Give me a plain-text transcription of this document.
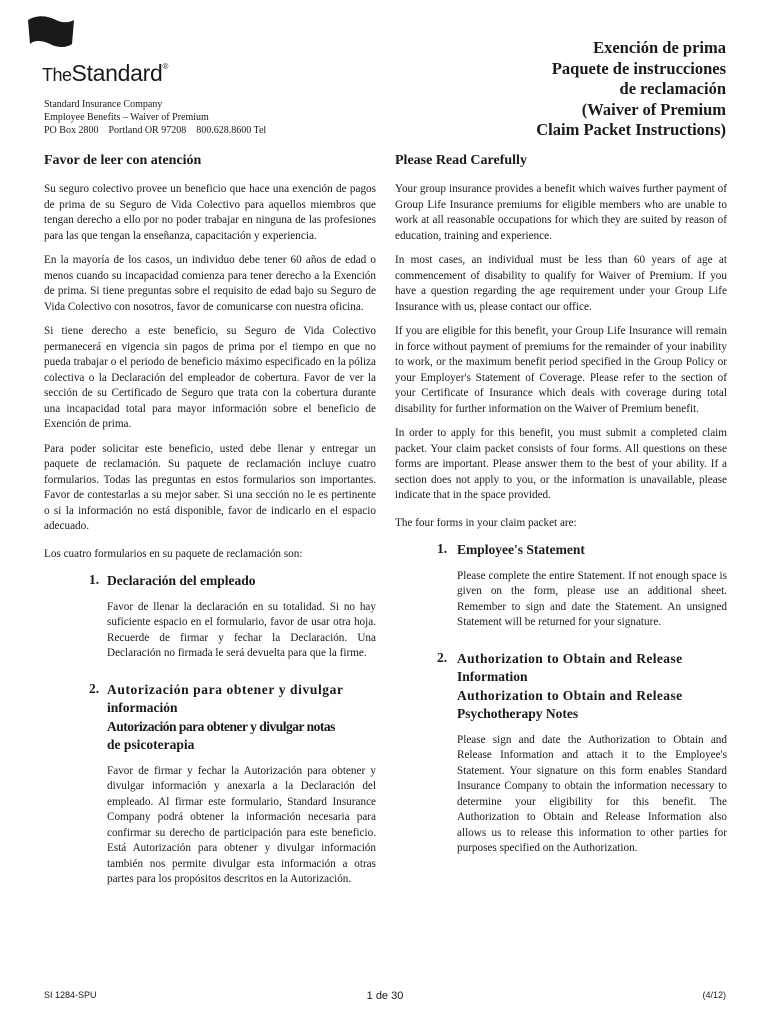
TheStandard®
Standard Insurance Company
Employee Benefits – Waiver of Premium
PO Box 2800    Portland OR 97208    800.628.8600 Tel
Exención de prima
Paquete de instrucciones
de reclamación
(Waiver of Premium
Claim Packet Instructions)
Favor de leer con atención

Su seguro colectivo provee un beneficio que hace una exención de pagos de prima de su Seguro de Vida Colectivo para aquellos miembros que tengan derecho a ello por no poder trabajar en ninguna de las profesiones para las que tengan la enseñanza, capacitación y experiencia.

En la mayoría de los casos, un individuo debe tener 60 años de edad o menos cuando su incapacidad comienza para tener derecho a la Exención de prima. Si tiene preguntas sobre el requisito de edad bajo su Seguro de Vida Colectivo con nosotros, favor de comunicarse con nuestra oficina.

Si tiene derecho a este beneficio, su Seguro de Vida Colectivo permanecerá en vigencia sin pagos de prima por el tiempo en que no pueda trabajar o el periodo de beneficio máximo especificado en la póliza colectiva o la Declaración del empleador de cobertura. Favor de ver la sección de su Certificado de Seguro que trata con la cobertura durante una incapacidad total para mayor información sobre el beneficio de Exención de prima.

Para poder solicitar este beneficio, usted debe llenar y entregar un paquete de reclamación. Su paquete de reclamación incluye cuatro formularios. Todas las preguntas en estos formularios son importantes. Favor de contestarlas a su mejor saber. Si una sección no le es pertinente o si la información no está disponible, favor de indicarlo en el espacio adecuado.

Los cuatro formularios en su paquete de reclamación son:

1. Declaración del empleado
Favor de llenar la declaración en su totalidad. Si no hay suficiente espacio en el formulario, favor de usar otra hoja. Recuerde de firmar y fechar la Declaración. Una Declaración no firmada le será devuelta para que la firme.
2. Autorización para obtener y divulgar
información
Autorización para obtener y divulgar notas
de psicoterapia
Favor de firmar y fechar la Autorización para obtener y divulgar información y anexarla a la Declaración del empleado. Al firmar este formulario, Standard Insurance Company podrá obtener la información necesaria para confirmar su derecho de participación para este beneficio. Está Autorización para obtener y divulgar información también nos permite divulgar esta información a otras partes para los propósitos descritos en la Autorización.
Please Read Carefully

Your group insurance provides a benefit which waives further payment of Group Life Insurance premiums for eligible members who are unable to work at all reasonable occupations for which they are suited by reason of education, training and experience.

In most cases, an individual must be less than 60 years of age at commencement of disability to qualify for Waiver of Premium. If you have a question regarding the age requirement under your Group Life Insurance with us, please contact our office.

If you are eligible for this benefit, your Group Life Insurance will remain in force without payment of premiums for the remainder of your inability to work, or the maximum benefit period specified in the Group Policy or your Employer's Statement of Coverage. Please refer to the section of your Certificate of Insurance which deals with coverage during total disability for further information on the Waiver of Premium benefit.

In order to apply for this benefit, you must submit a completed claim packet. Your claim packet consists of four forms. All questions on these forms are important. Please answer them to the best of your ability. If a section does not apply to you, or the information is unavailable, please indicate that in the space provided.

The four forms in your claim packet are:

1. Employee's Statement
Please complete the entire Statement. If not enough space is given on the form, please use an additional sheet. Remember to sign and date the Statement. An unsigned Statement will be returned for your signature.
2. Authorization to Obtain and Release
Information
Authorization to Obtain and Release
Psychotherapy Notes
Please sign and date the Authorization to Obtain and Release Information and attach it to the Employee's Statement. Your signature on this form enables Standard Insurance Company to obtain the information necessary to determine your eligibility for this benefit. The Authorization to Obtain and Release Information also allows us to release this information to other parties for purposes specified on the Authorization.
SI 1284-SPU	1 de 30	(4/12)
